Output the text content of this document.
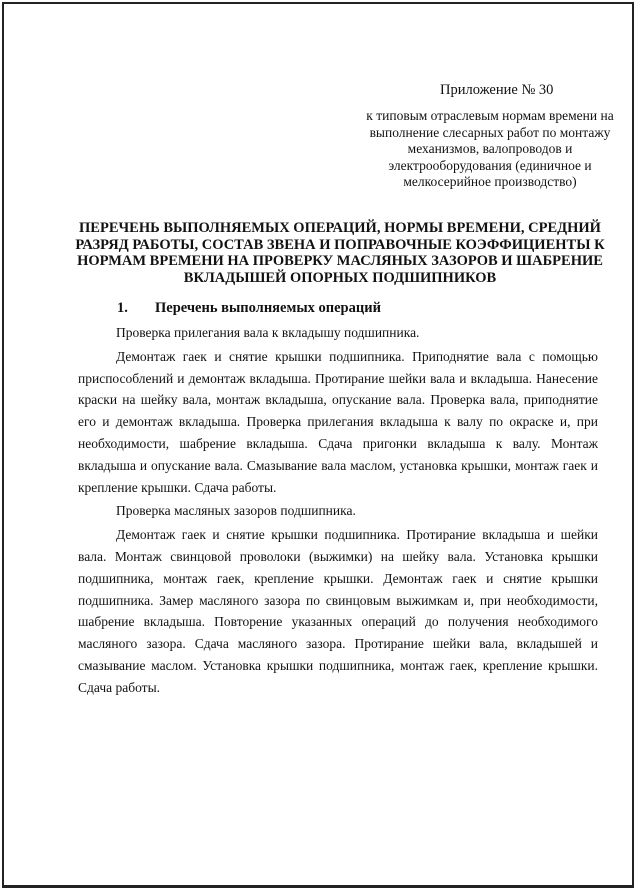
Приложение № 30
к типовым отраслевым нормам времени на выполнение слесарных работ по монтажу механизмов, валопроводов и электрооборудования (единичное и мелкосерийное производство)
ПЕРЕЧЕНЬ ВЫПОЛНЯЕМЫХ ОПЕРАЦИЙ, НОРМЫ ВРЕМЕНИ, СРЕДНИЙ РАЗРЯД РАБОТЫ, СОСТАВ ЗВЕНА И ПОПРАВОЧНЫЕ КОЭФФИЦИЕНТЫ К НОРМАМ ВРЕМЕНИ НА ПРОВЕРКУ МАСЛЯНЫХ ЗАЗОРОВ И ШАБРЕНИЕ ВКЛАДЫШЕЙ ОПОРНЫХ ПОДШИПНИКОВ
1. Перечень выполняемых операций

Проверка прилегания вала к вкладышу подшипника.

Демонтаж гаек и снятие крышки подшипника. Приподнятие вала с помощью приспособлений и демонтаж вкладыша. Протирание шейки вала и вкладыша. Нанесение краски на шейку вала, монтаж вкладыша, опускание вала. Проверка вала, приподнятие его и демонтаж вкладыша. Проверка прилегания вкладыша к валу по окраске и, при необходимости, шабрение вкладыша. Сдача пригонки вкладыша к валу. Монтаж вкладыша и опускание вала. Смазывание вала маслом, установка крышки, монтаж гаек и крепление крышки. Сдача работы.

Проверка масляных зазоров подшипника.

Демонтаж гаек и снятие крышки подшипника. Протирание вкладыша и шейки вала. Монтаж свинцовой проволоки (выжимки) на шейку вала. Установка крышки подшипника, монтаж гаек, крепление крышки. Демонтаж гаек и снятие крышки подшипника. Замер масляного зазора по свинцовым выжимкам и, при необходимости, шабрение вкладыша. Повторение указанных операций до получения необходимого масляного зазора. Сдача масляного зазора. Протирание шейки вала, вкладышей и смазывание маслом. Установка крышки подшипника, монтаж гаек, крепление крышки. Сдача работы.
